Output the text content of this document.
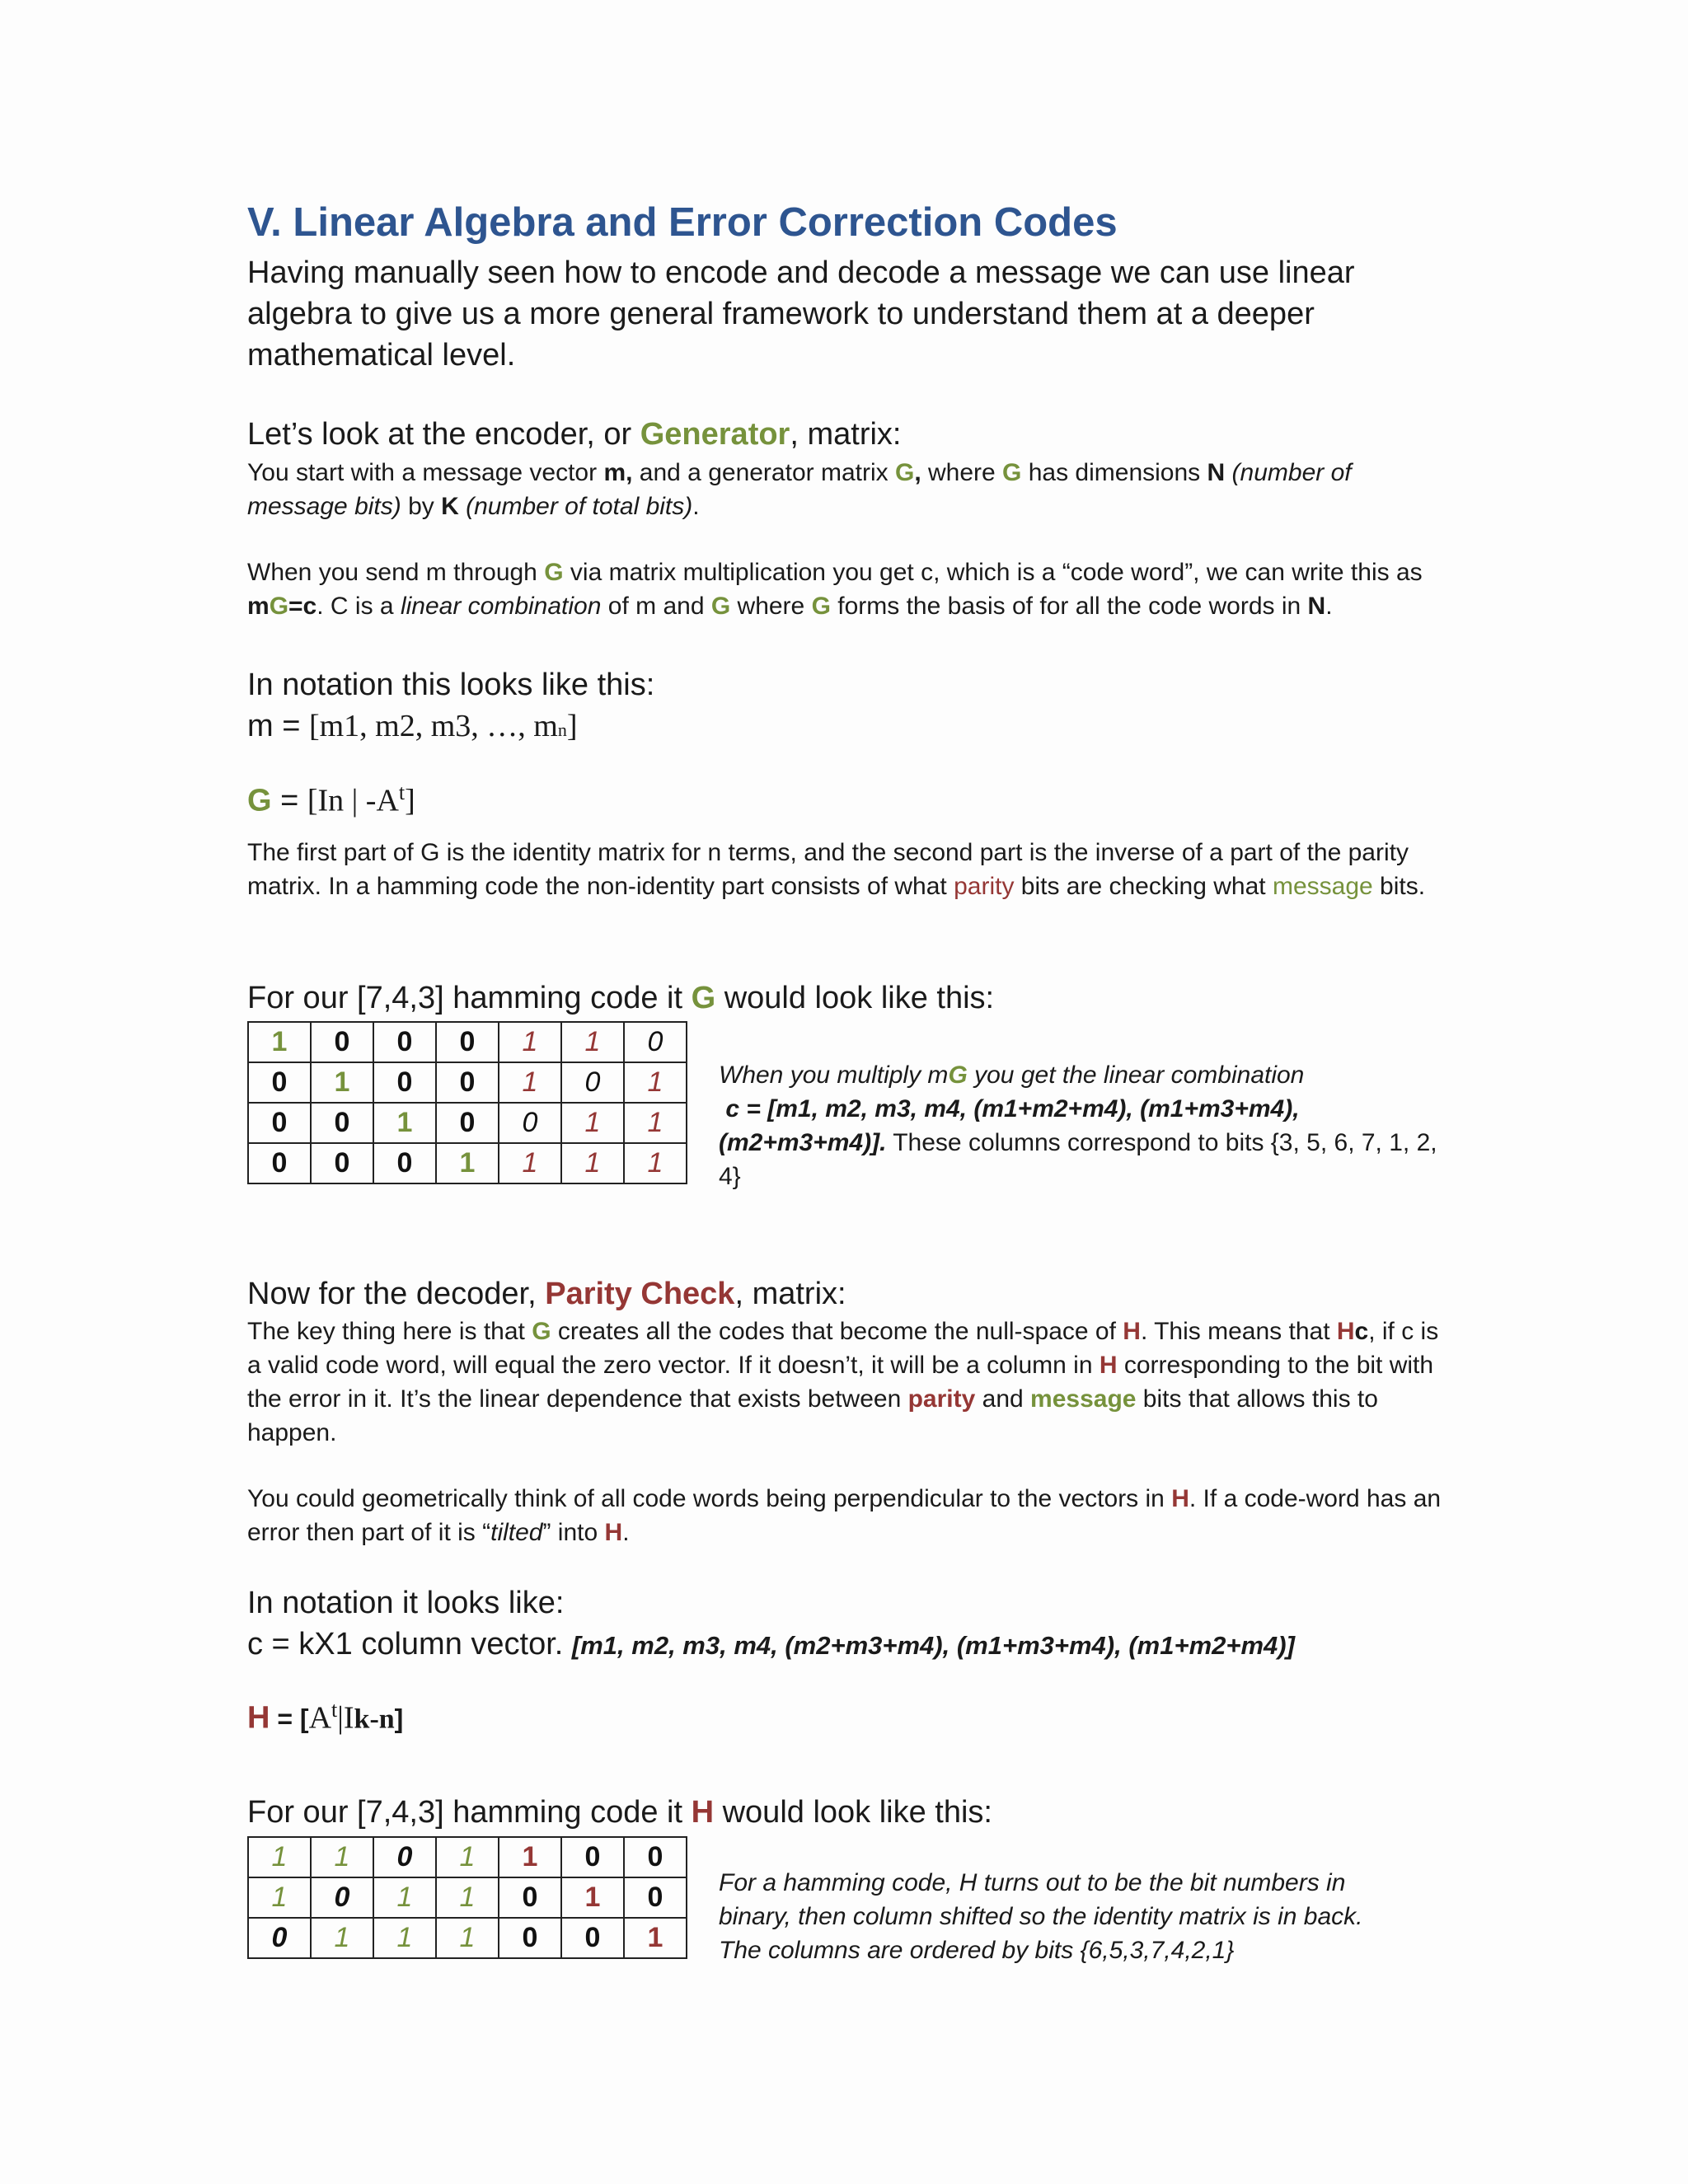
V. Linear Algebra and Error Correction Codes
Having manually seen how to encode and decode a message we can use linear algebra to give us a more general framework to understand them at a deeper mathematical level.
Let’s look at the encoder, or Generator, matrix:
You start with a message vector m, and a generator matrix G, where G has dimensions N (number of message bits) by K (number of total bits).
When you send m through G via matrix multiplication you get c, which is a “code word”, we can write this as mG=c. C is a linear combination of m and G where G forms the basis of for all the code words in N.
In notation this looks like this:
m = [m1, m2, m3, …, mn]
G = [In | $-A^t$]
The first part of G is the identity matrix for n terms, and the second part is the inverse of a part of the parity matrix. In a hamming code the non-identity part consists of what parity bits are checking what message bits.
For our [7,4,3] hamming code it G would look like this:
1	0	0	0	1	1	0
0	1	0	0	1	0	1
0	0	1	0	0	1	1
0	0	0	1	1	1	1
When you multiply mG you get the linear combination
c = [m1, m2, m3, m4, (m1+m2+m4), (m1+m3+m4), (m2+m3+m4)]. These columns correspond to bits {3, 5, 6, 7, 1, 2, 4}
Now for the decoder, Parity Check, matrix:
The key thing here is that G creates all the codes that become the null-space of H. This means that Hc, if c is a valid code word, will equal the zero vector. If it doesn’t, it will be a column in H corresponding to the bit with the error in it. It’s the linear dependence that exists between parity and message bits that allows this to happen.
You could geometrically think of all code words being perpendicular to the vectors in H. If a code-word has an error then part of it is “tilted” into H.
In notation it looks like:
c = kX1 column vector. [m1, m2, m3, m4, (m2+m3+m4), (m1+m3+m4), (m1+m2+m4)]
$H = [A^t|Ik-n]$
For our [7,4,3] hamming code it H would look like this:
1	1	0	1	1	0	0
1	0	1	1	0	1	0
0	1	1	1	0	0	1
For a hamming code, H turns out to be the bit numbers in binary, then column shifted so the identity matrix is in back. The columns are ordered by bits {6,5,3,7,4,2,1}
